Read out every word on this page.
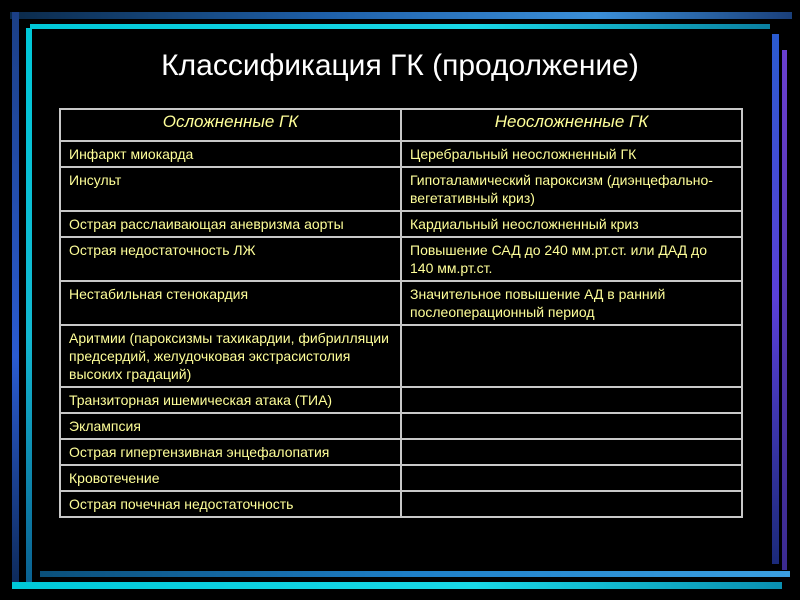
Классификация ГК (продолжение)
Осложненные ГК	Неосложненные ГК
Инфаркт миокарда	Церебральный неосложненный ГК
Инсульт	Гипоталамический пароксизм (диэнцефально-вегетативный криз)
Острая расслаивающая аневризма аорты	Кардиальный неосложненный криз
Острая недостаточность ЛЖ	Повышение САД до 240 мм.рт.ст. или ДАД до 140 мм.рт.ст.
Нестабильная стенокардия	Значительное повышение АД в ранний послеоперационный период
Аритмии (пароксизмы тахикардии, фибрилляции предсердий, желудочковая экстрасистолия высоких градаций)	
Транзиторная ишемическая атака (ТИА)	
Эклампсия	
Острая гипертензивная энцефалопатия	
Кровотечение	
Острая почечная недостаточность	
